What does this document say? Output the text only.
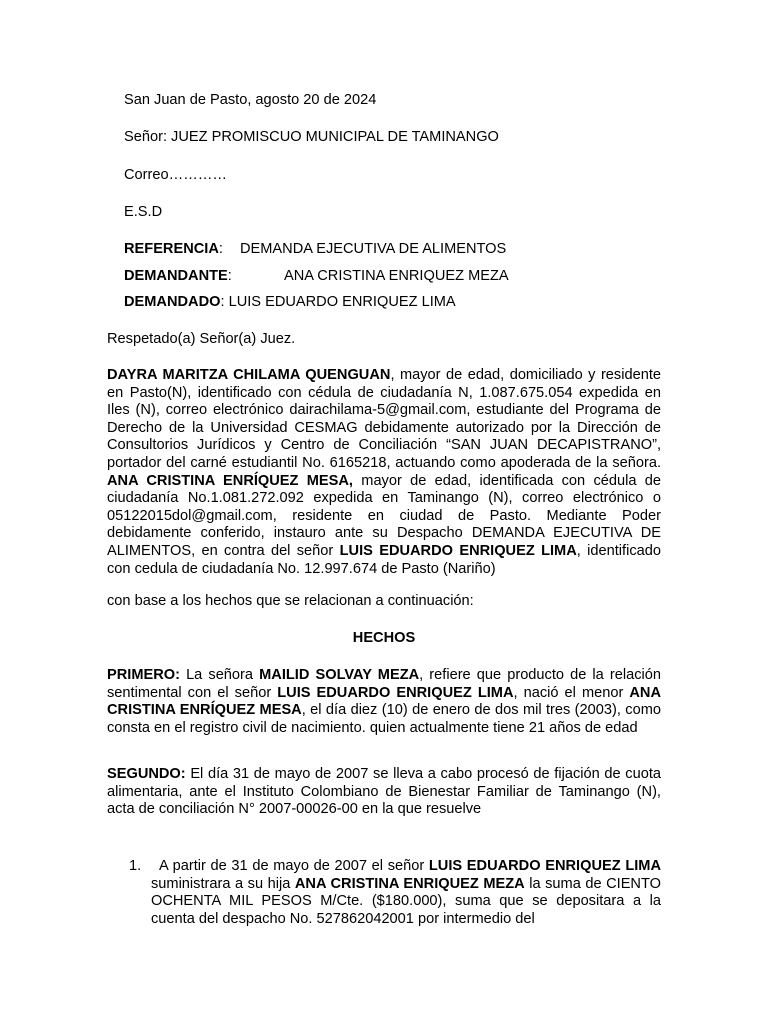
San Juan de Pasto, agosto 20 de 2024
Señor: JUEZ PROMISCUO MUNICIPAL DE TAMINANGO
Correo…………
E.S.D
REFERENCIA: DEMANDA EJECUTIVA DE ALIMENTOS
DEMANDANTE:	ANA CRISTINA ENRIQUEZ MEZA
DEMANDADO: LUIS EDUARDO ENRIQUEZ LIMA
Respetado(a) Señor(a) Juez.

DAYRA MARITZA CHILAMA QUENGUAN, mayor de edad, domiciliado y residente en Pasto(N), identificado con cédula de ciudadanía N, 1.087.675.054 expedida en Iles (N), correo electrónico dairachilama-5@gmail.com, estudiante del Programa de Derecho de la Universidad CESMAG debidamente autorizado por la Dirección de Consultorios Jurídicos y Centro de Conciliación “SAN JUAN DECAPISTRANO”, portador del carné estudiantil No. 6165218, actuando como apoderada de la señora. ANA CRISTINA ENRÍQUEZ MESA, mayor de edad, identificada con cédula de ciudadanía No.1.081.272.092 expedida en Taminango (N), correo electrónico o 05122015dol@gmail.com, residente en ciudad de Pasto. Mediante Poder debidamente conferido, instauro ante su Despacho DEMANDA EJECUTIVA DE ALIMENTOS, en contra del señor LUIS EDUARDO ENRIQUEZ LIMA, identificado con cedula de ciudadanía No. 12.997.674 de Pasto (Nariño)

con base a los hechos que se relacionan a continuación:
HECHOS

PRIMERO: La señora MAILID SOLVAY MEZA, refiere que producto de la relación sentimental con el señor LUIS EDUARDO ENRIQUEZ LIMA, nació el menor ANA CRISTINA ENRÍQUEZ MESA, el día diez (10) de enero de dos mil tres (2003), como consta en el registro civil de nacimiento. quien actualmente tiene 21 años de edad

SEGUNDO: El día 31 de mayo de 2007 se lleva a cabo procesó de fijación de cuota alimentaria, ante el Instituto Colombiano de Bienestar Familiar de Taminango (N), acta de conciliación N° 2007-00026-00 en la que resuelve

1.	A partir de 31 de mayo de 2007 el señor LUIS EDUARDO ENRIQUEZ LIMA suministrara a su hija ANA CRISTINA ENRIQUEZ MEZA la suma de CIENTO OCHENTA MIL PESOS M/Cte. ($180.000), suma que se depositara a la cuenta del despacho No. 527862042001 por intermedio del
